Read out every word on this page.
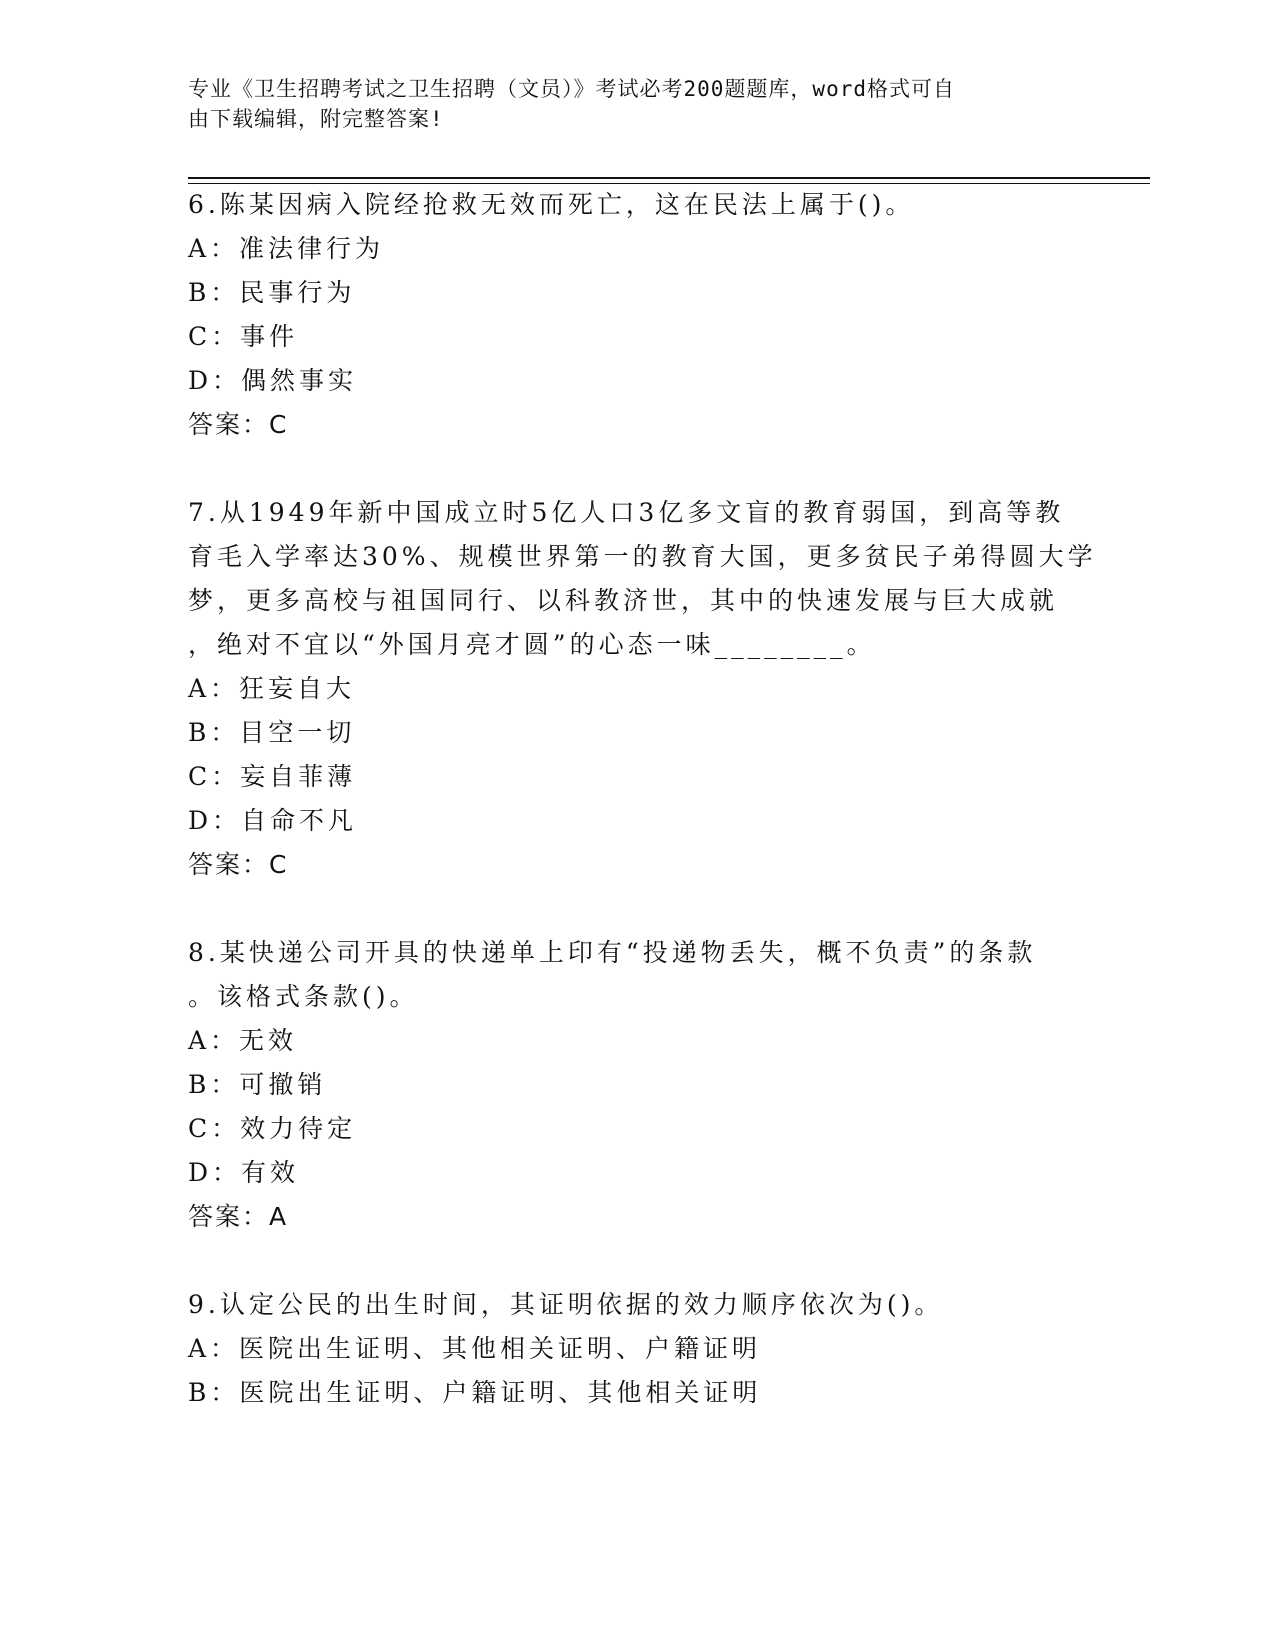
专业《卫生招聘考试之卫生招聘（文员）》考试必考200题题库，word格式可自
由下载编辑，附完整答案!
6.陈某因病入院经抢救无效而死亡，这在民法上属于()。
A：准法律行为
B：民事行为
C：事件
D：偶然事实
答案：C
7.从1949年新中国成立时5亿人口3亿多文盲的教育弱国，到高等教
育毛入学率达30%、规模世界第一的教育大国，更多贫民子弟得圆大学
梦，更多高校与祖国同行、以科教济世，其中的快速发展与巨大成就
，绝对不宜以“外国月亮才圆”的心态一味________。
A：狂妄自大
B：目空一切
C：妄自菲薄
D：自命不凡
答案：C
8.某快递公司开具的快递单上印有“投递物丢失，概不负责”的条款
。该格式条款()。
A：无效
B：可撤销
C：效力待定
D：有效
答案：A
9.认定公民的出生时间，其证明依据的效力顺序依次为()。
A：医院出生证明、其他相关证明、户籍证明
B：医院出生证明、户籍证明、其他相关证明
